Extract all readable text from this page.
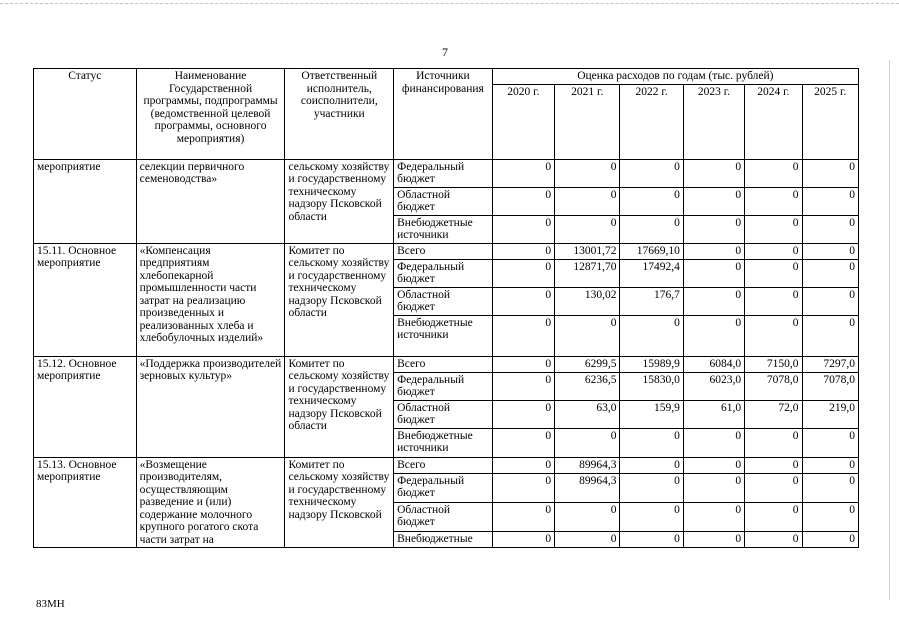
7
Статус	Наименование Государственной программы, подпрограммы (ведомственной целевой программы, основного мероприятия)	Ответственный исполнитель, соисполнители, участники	Источники финансирования	Оценка расходов по годам (тыс. рублей)					
				2020 г.	2021 г.	2022 г.	2023 г.	2024 г.	2025 г.
мероприятие	селекции первичного семеноводства»	сельскому хозяйству и государственному техническому надзору Псковской области	Федеральный бюджет	0	0	0	0	0	0
			Областной бюджет	0	0	0	0	0	0
			Внебюджетные источники	0	0	0	0	0	0
15.11. Основное мероприятие	«Компенсация предприятиям хлебопекарной промышленности части затрат на реализацию произведенных и реализованных хлеба и хлебобулочных изделий»	Комитет по сельскому хозяйству и государственному техническому надзору Псковской области	Всего	0	13001,72	17669,10	0	0	0
			Федеральный бюджет	0	12871,70	17492,4	0	0	0
			Областной бюджет	0	130,02	176,7	0	0	0
			Внебюджетные источники	0	0	0	0	0	0
15.12. Основное мероприятие	«Поддержка производителей зерновых культур»	Комитет по сельскому хозяйству и государственному техническому надзору Псковской области	Всего	0	6299,5	15989,9	6084,0	7150,0	7297,0
			Федеральный бюджет	0	6236,5	15830,0	6023,0	7078,0	7078,0
			Областной бюджет	0	63,0	159,9	61,0	72,0	219,0
			Внебюджетные источники	0	0	0	0	0	0
15.13. Основное мероприятие	«Возмещение производителям, осуществляющим разведение и (или) содержание молочного крупного рогатого скота части затрат на	Комитет по сельскому хозяйству и государственному техническому надзору Псковской	Всего	0	89964,3	0	0	0	0
			Федеральный бюджет	0	89964,3	0	0	0	0
			Областной бюджет	0	0	0	0	0	0
			Внебюджетные	0	0	0	0	0	0
83MH
